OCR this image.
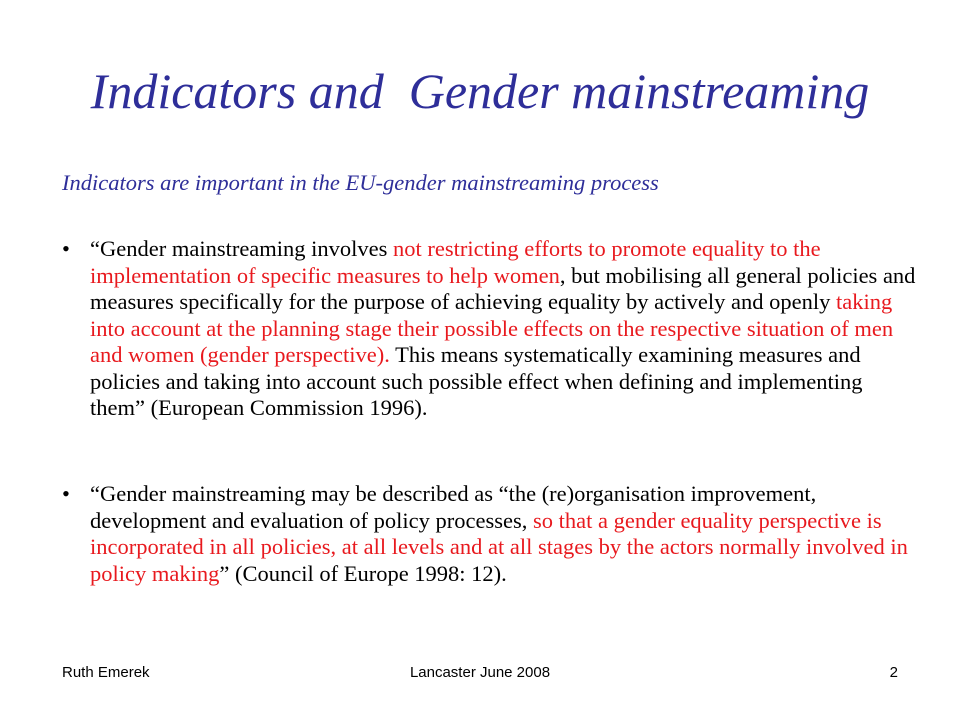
Indicators and  Gender mainstreaming
Indicators are important in the EU-gender mainstreaming process
• “Gender mainstreaming involves not restricting efforts to promote equality to the implementation of specific measures to help women, but mobilising all general policies and measures specifically for the purpose of achieving equality by actively and openly taking into account at the planning stage their possible effects on the respective situation of men and women (gender perspective). This means systematically examining measures and policies and taking into account such possible effect when defining and implementing them” (European Commission 1996).
• “Gender mainstreaming may be described as “the (re)organisation improvement, development and evaluation of policy processes, so that a gender equality perspective is incorporated in all policies, at all levels and at all stages by the actors normally involved in policy making” (Council of Europe 1998: 12).
Ruth Emerek	Lancaster June 2008	2
